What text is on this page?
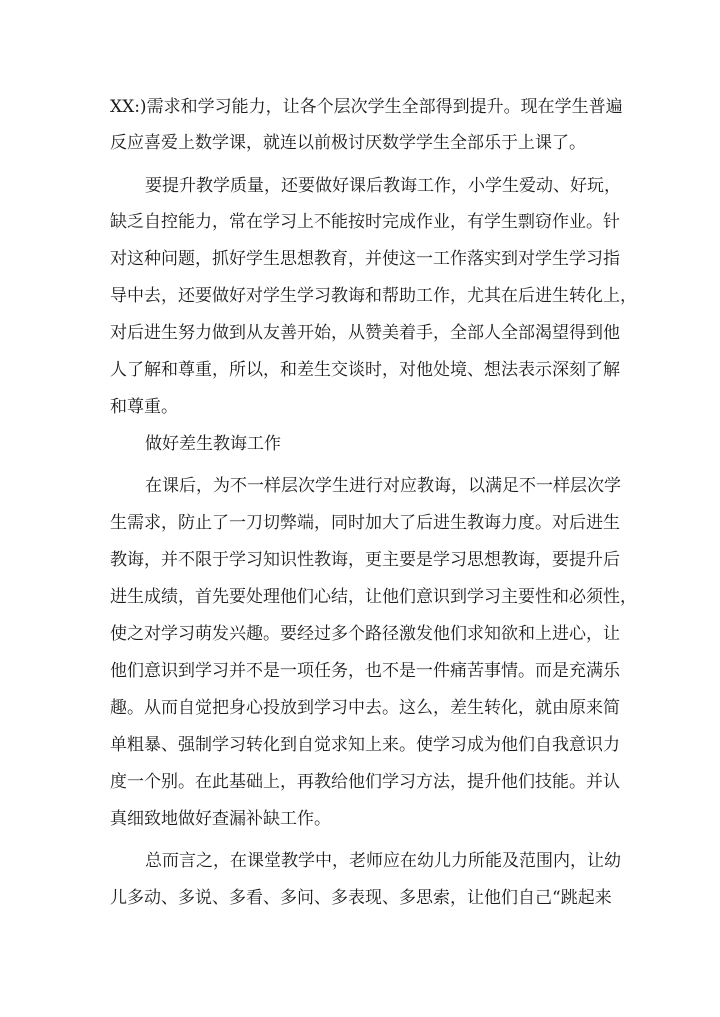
XX:)需求和学习能力，让各个层次学生全部得到提升。现在学生普遍
反应喜爱上数学课，就连以前极讨厌数学学生全部乐于上课了。
要提升教学质量，还要做好课后教诲工作，小学生爱动、好玩，
缺乏自控能力，常在学习上不能按时完成作业，有学生剽窃作业。针
对这种问题，抓好学生思想教育，并使这一工作落实到对学生学习指
导中去，还要做好对学生学习教诲和帮助工作，尤其在后进生转化上，
对后进生努力做到从友善开始，从赞美着手，全部人全部渴望得到他
人了解和尊重，所以，和差生交谈时，对他处境、想法表示深刻了解
和尊重。
做好差生教诲工作
在课后，为不一样层次学生进行对应教诲，以满足不一样层次学
生需求，防止了一刀切弊端，同时加大了后进生教诲力度。对后进生
教诲，并不限于学习知识性教诲，更主要是学习思想教诲，要提升后
进生成绩，首先要处理他们心结，让他们意识到学习主要性和必须性，
使之对学习萌发兴趣。要经过多个路径激发他们求知欲和上进心，让
他们意识到学习并不是一项任务，也不是一件痛苦事情。而是充满乐
趣。从而自觉把身心投放到学习中去。这么，差生转化，就由原来简
单粗暴、强制学习转化到自觉求知上来。使学习成为他们自我意识力
度一个别。在此基础上，再教给他们学习方法，提升他们技能。并认
真细致地做好查漏补缺工作。
总而言之，在课堂教学中，老师应在幼儿力所能及范围内，让幼
儿多动、多说、多看、多问、多表现、多思索，让他们自己“跳起来
